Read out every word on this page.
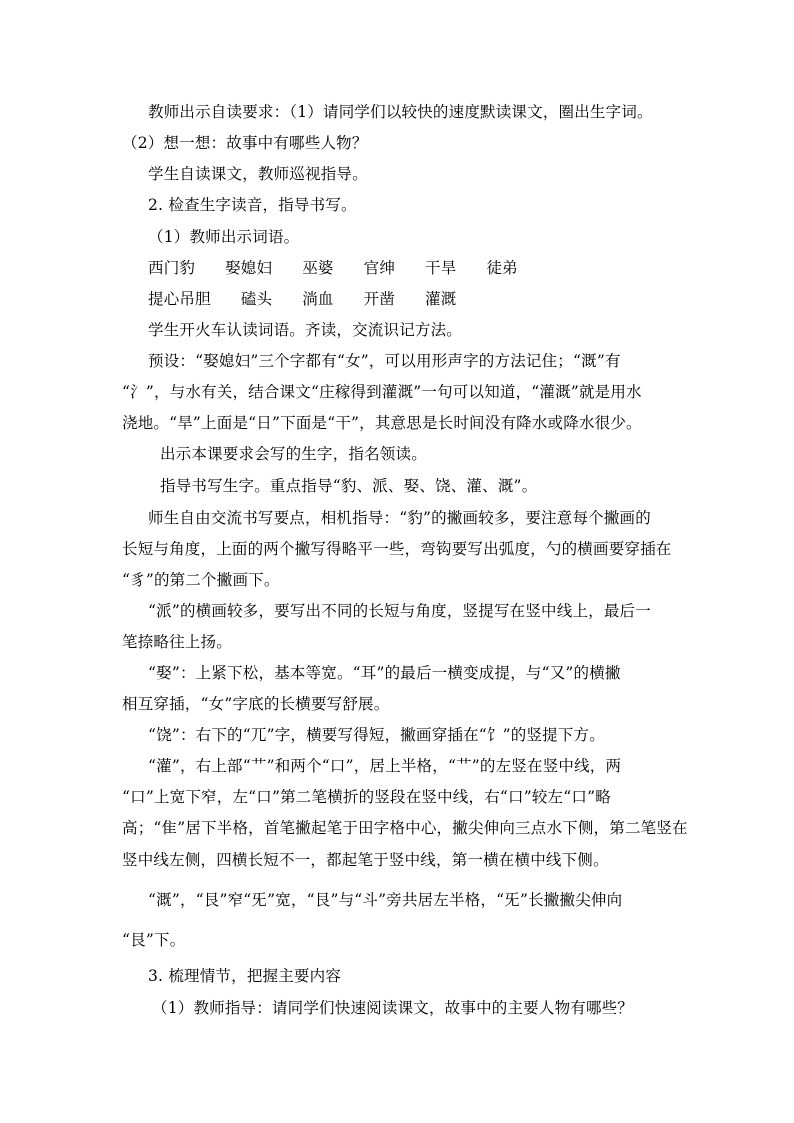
教师出示自读要求：（1）请同学们以较快的速度默读课文，圈出生字词。
（2）想一想：故事中有哪些人物？
学生自读课文，教师巡视指导。
2. 检查生字读音，指导书写。
（1）教师出示词语。
西门豹 娶媳妇 巫婆 官绅 干旱 徒弟
提心吊胆 磕头 淌血 开凿 灌溉
学生开火车认读词语。齐读，交流识记方法。
预设：“娶媳妇”三个字都有“女”，可以用形声字的方法记住；“溉”有
“氵”，与水有关，结合课文“庄稼得到灌溉”一句可以知道，“灌溉”就是用水
浇地。“旱”上面是“日”下面是“干”，其意思是长时间没有降水或降水很少。
出示本课要求会写的生字，指名领读。
指导书写生字。重点指导“豹、派、娶、饶、灌、溉”。
师生自由交流书写要点，相机指导：“豹”的撇画较多，要注意每个撇画的
长短与角度，上面的两个撇写得略平一些，弯钩要写出弧度，勺的横画要穿插在
“豸”的第二个撇画下。
“派”的横画较多，要写出不同的长短与角度，竖提写在竖中线上，最后一
笔捺略往上扬。
“娶”：上紧下松，基本等宽。“耳”的最后一横变成提，与“又”的横撇
相互穿插，“女”字底的长横要写舒展。
“饶”：右下的“兀”字，横要写得短，撇画穿插在“饣”的竖提下方。
“灌”，右上部“艹”和两个“口”，居上半格，“艹”的左竖在竖中线，两
“口”上宽下窄，左“口”第二笔横折的竖段在竖中线，右“口”较左“口”略
高；“隹”居下半格，首笔撇起笔于田字格中心，撇尖伸向三点水下侧，第二笔竖在
竖中线左侧，四横长短不一，都起笔于竖中线，第一横在横中线下侧。
“溉”，“艮”窄“旡”宽，“艮”与“斗”旁共居左半格，“旡”长撇撇尖伸向
“艮”下。
3. 梳理情节，把握主要内容
（1）教师指导：请同学们快速阅读课文，故事中的主要人物有哪些？
